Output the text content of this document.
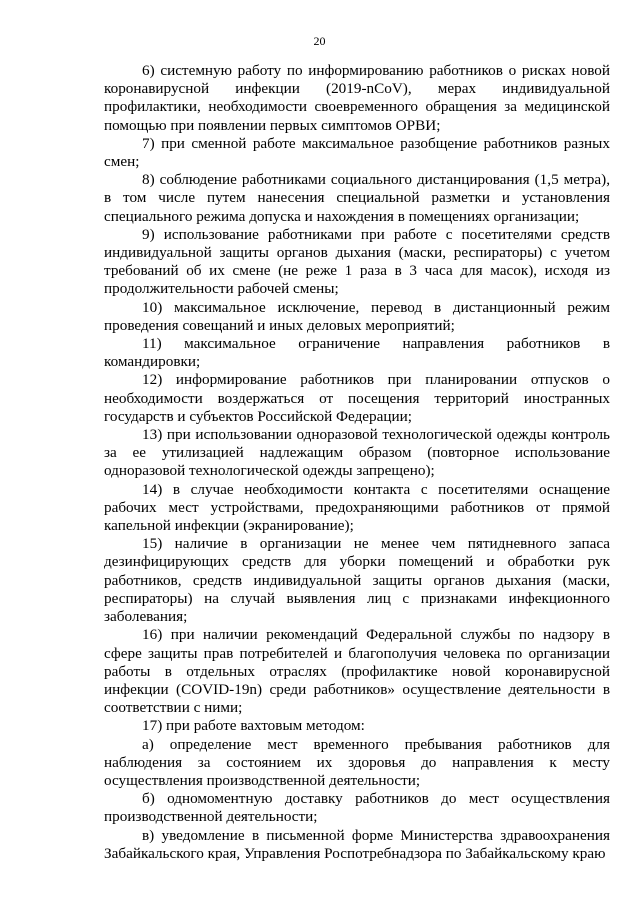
20

6) системную работу по информированию работников о рисках новой коронавирусной инфекции (2019-nCoV), мерах индивидуальной профилактики, необходимости своевременного обращения за медицинской помощью при появлении первых симптомов ОРВИ;

7) при сменной работе максимальное разобщение работников разных смен;

8) соблюдение работниками социального дистанцирования (1,5 метра), в том числе путем нанесения специальной разметки и установления специального режима допуска и нахождения в помещениях организации;

9) использование работниками при работе с посетителями средств индивидуальной защиты органов дыхания (маски, респираторы) с учетом требований об их смене (не реже 1 раза в 3 часа для масок), исходя из продолжительности рабочей смены;

10) максимальное исключение, перевод в дистанционный режим проведения совещаний и иных деловых мероприятий;

11) максимальное ограничение направления работников в командировки;

12) информирование работников при планировании отпусков о необходимости воздержаться от посещения территорий иностранных государств и субъектов Российской Федерации;

13) при использовании одноразовой технологической одежды контроль за ее утилизацией надлежащим образом (повторное использование одноразовой технологической одежды запрещено);

14) в случае необходимости контакта с посетителями оснащение рабочих мест устройствами, предохраняющими работников от прямой капельной инфекции (экранирование);

15) наличие в организации не менее чем пятидневного запаса дезинфицирующих средств для уборки помещений и обработки рук работников, средств индивидуальной защиты органов дыхания (маски, респираторы) на случай выявления лиц с признаками инфекционного заболевания;

16) при наличии рекомендаций Федеральной службы по надзору в сфере защиты прав потребителей и благополучия человека по организации работы в отдельных отраслях (профилактике новой коронавирусной инфекции (COVID-19n) среди работников» осуществление деятельности в соответствии с ними;

17) при работе вахтовым методом:

а) определение мест временного пребывания работников для наблюдения за состоянием их здоровья до направления к месту осуществления производственной деятельности;

б) одномоментную доставку работников до мест осуществления производственной деятельности;

в) уведомление в письменной форме Министерства здравоохранения Забайкальского края, Управления Роспотребнадзора по Забайкальскому краю
